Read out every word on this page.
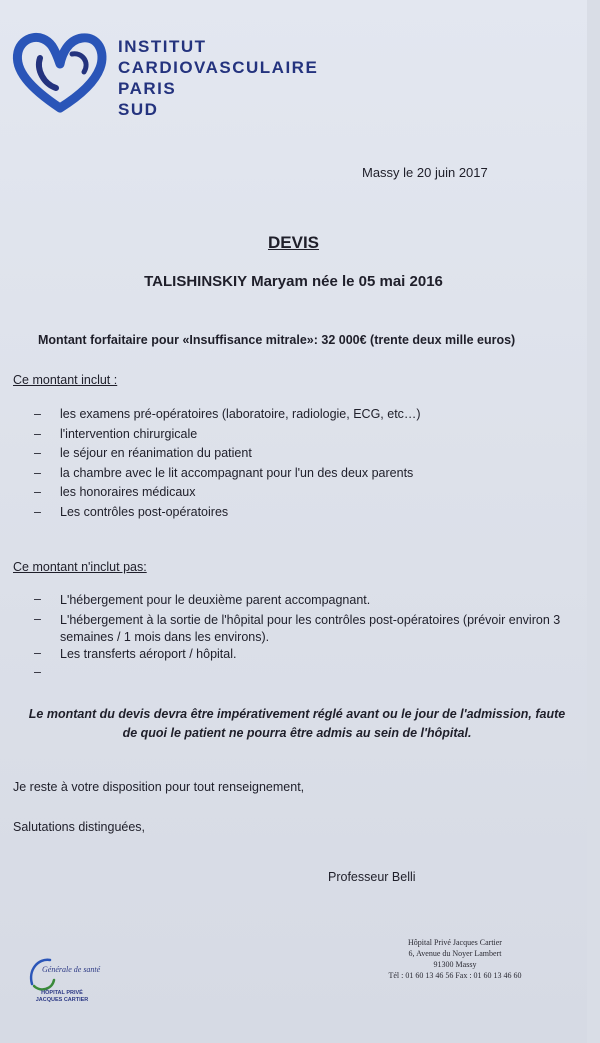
INSTITUT
CARDIOVASCULAIRE
PARIS
SUD
Massy le 20 juin 2017
DEVIS
TALISHINSKIY Maryam née le 05 mai 2016
Montant forfaitaire pour «Insuffisance mitrale»: 32 000€ (trente deux mille euros)
Ce montant inclut :
– les examens pré-opératoires (laboratoire, radiologie, ECG, etc…)
– l'intervention chirurgicale
– le séjour en réanimation du patient
– la chambre avec le lit accompagnant pour l'un des deux parents
– les honoraires médicaux
– Les contrôles post-opératoires
Ce montant n'inclut pas:
– L'hébergement pour le deuxième parent accompagnant.
– L'hébergement à la sortie de l'hôpital pour les contrôles post-opératoires (prévoir environ 3 semaines / 1 mois dans les environs).
– Les transferts aéroport / hôpital.
–

Le montant du devis devra être impérativement réglé avant ou le jour de l'admission, faute

de quoi le patient ne pourra être admis au sein de l'hôpital.

Je reste à votre disposition pour tout renseignement,
Salutations distinguées,
Professeur Belli
Générale de santé
HÔPITAL PRIVÉ
JACQUES CARTIER
Hôpital Privé Jacques Cartier
6, Avenue du Noyer Lambert
91300 Massy
Tél : 01 60 13 46 56 Fax : 01 60 13 46 60
